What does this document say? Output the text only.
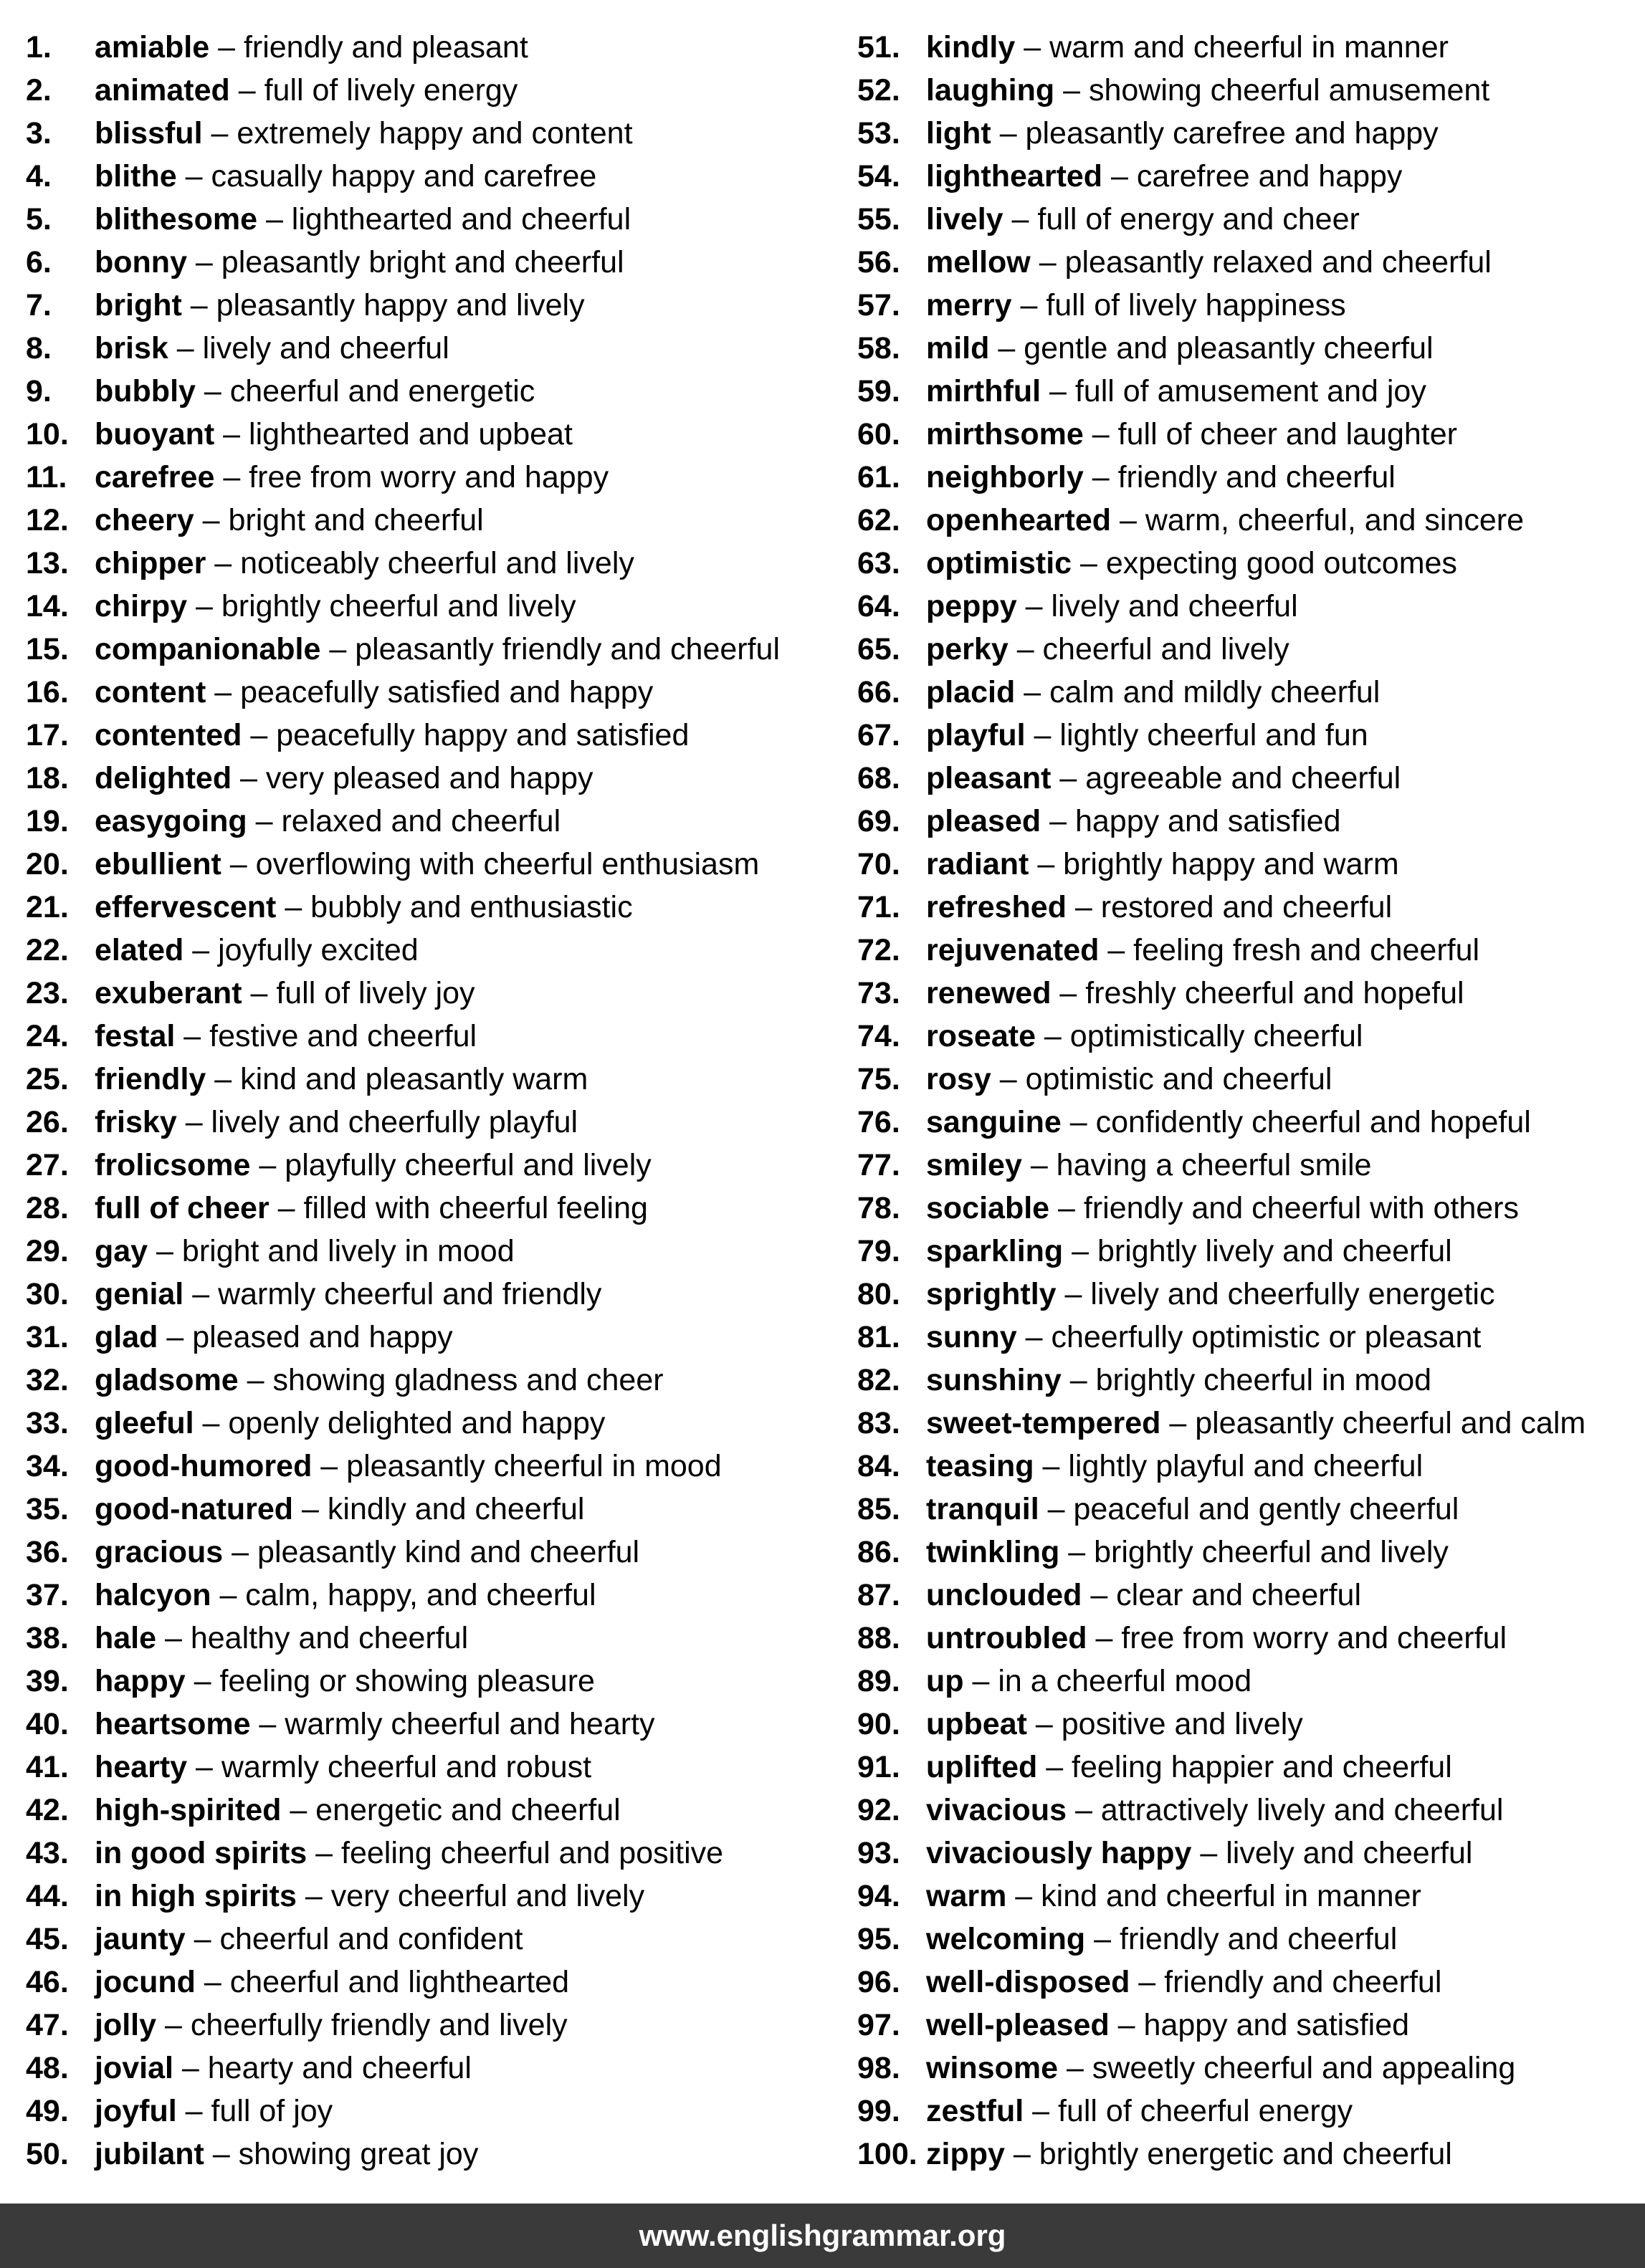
1.	amiable – friendly and pleasant
2.	animated – full of lively energy
3.	blissful – extremely happy and content
4.	blithe – casually happy and carefree
5.	blithesome – lighthearted and cheerful
6.	bonny – pleasantly bright and cheerful
7.	bright – pleasantly happy and lively
8.	brisk – lively and cheerful
9.	bubbly – cheerful and energetic
10. buoyant – lighthearted and upbeat
11. carefree – free from worry and happy
12. cheery – bright and cheerful
13. chipper – noticeably cheerful and lively
14. chirpy – brightly cheerful and lively
15. companionable – pleasantly friendly and cheerful
16. content – peacefully satisfied and happy
17. contented – peacefully happy and satisfied
18. delighted – very pleased and happy
19. easygoing – relaxed and cheerful
20. ebullient – overflowing with cheerful enthusiasm
21. effervescent – bubbly and enthusiastic
22. elated – joyfully excited
23. exuberant – full of lively joy
24. festal – festive and cheerful
25. friendly – kind and pleasantly warm
26. frisky – lively and cheerfully playful
27. frolicsome – playfully cheerful and lively
28. full of cheer – filled with cheerful feeling
29. gay – bright and lively in mood
30. genial – warmly cheerful and friendly
31. glad – pleased and happy
32. gladsome – showing gladness and cheer
33. gleeful – openly delighted and happy
34. good-humored – pleasantly cheerful in mood
35. good-natured – kindly and cheerful
36. gracious – pleasantly kind and cheerful
37. halcyon – calm, happy, and cheerful
38. hale – healthy and cheerful
39. happy – feeling or showing pleasure
40. heartsome – warmly cheerful and hearty
41. hearty – warmly cheerful and robust
42. high-spirited – energetic and cheerful
43. in good spirits – feeling cheerful and positive
44. in high spirits – very cheerful and lively
45. jaunty – cheerful and confident
46. jocund – cheerful and lighthearted
47. jolly – cheerfully friendly and lively
48. jovial – hearty and cheerful
49. joyful – full of joy
50. jubilant – showing great joy
51. kindly – warm and cheerful in manner
52. laughing – showing cheerful amusement
53. light – pleasantly carefree and happy
54. lighthearted – carefree and happy
55. lively – full of energy and cheer
56. mellow – pleasantly relaxed and cheerful
57. merry – full of lively happiness
58. mild – gentle and pleasantly cheerful
59. mirthful – full of amusement and joy
60. mirthsome – full of cheer and laughter
61. neighborly – friendly and cheerful
62. openhearted – warm, cheerful, and sincere
63. optimistic – expecting good outcomes
64. peppy – lively and cheerful
65. perky – cheerful and lively
66. placid – calm and mildly cheerful
67. playful – lightly cheerful and fun
68. pleasant – agreeable and cheerful
69. pleased – happy and satisfied
70. radiant – brightly happy and warm
71. refreshed – restored and cheerful
72. rejuvenated – feeling fresh and cheerful
73. renewed – freshly cheerful and hopeful
74. roseate – optimistically cheerful
75. rosy – optimistic and cheerful
76. sanguine – confidently cheerful and hopeful
77. smiley – having a cheerful smile
78. sociable – friendly and cheerful with others
79. sparkling – brightly lively and cheerful
80. sprightly – lively and cheerfully energetic
81. sunny – cheerfully optimistic or pleasant
82. sunshiny – brightly cheerful in mood
83. sweet-tempered – pleasantly cheerful and calm
84. teasing – lightly playful and cheerful
85. tranquil – peaceful and gently cheerful
86. twinkling – brightly cheerful and lively
87. unclouded – clear and cheerful
88. untroubled – free from worry and cheerful
89. up – in a cheerful mood
90. upbeat – positive and lively
91. uplifted – feeling happier and cheerful
92. vivacious – attractively lively and cheerful
93. vivaciously happy – lively and cheerful
94. warm – kind and cheerful in manner
95. welcoming – friendly and cheerful
96. well-disposed – friendly and cheerful
97. well-pleased – happy and satisfied
98. winsome – sweetly cheerful and appealing
99. zestful – full of cheerful energy
100. zippy – brightly energetic and cheerful
www.englishgrammar.org
